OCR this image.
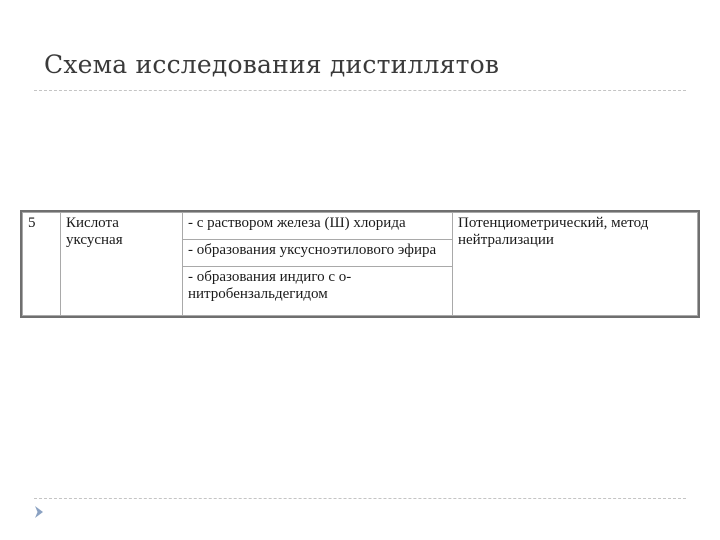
Схема исследования дистиллятов
5	Кислота уксусная	- с раствором железа (Ш) хлорида	Потенциометрический, метод нейтрализации
- образования уксусноэтилового эфира
- образования индиго с о-нитробензальдегидом
